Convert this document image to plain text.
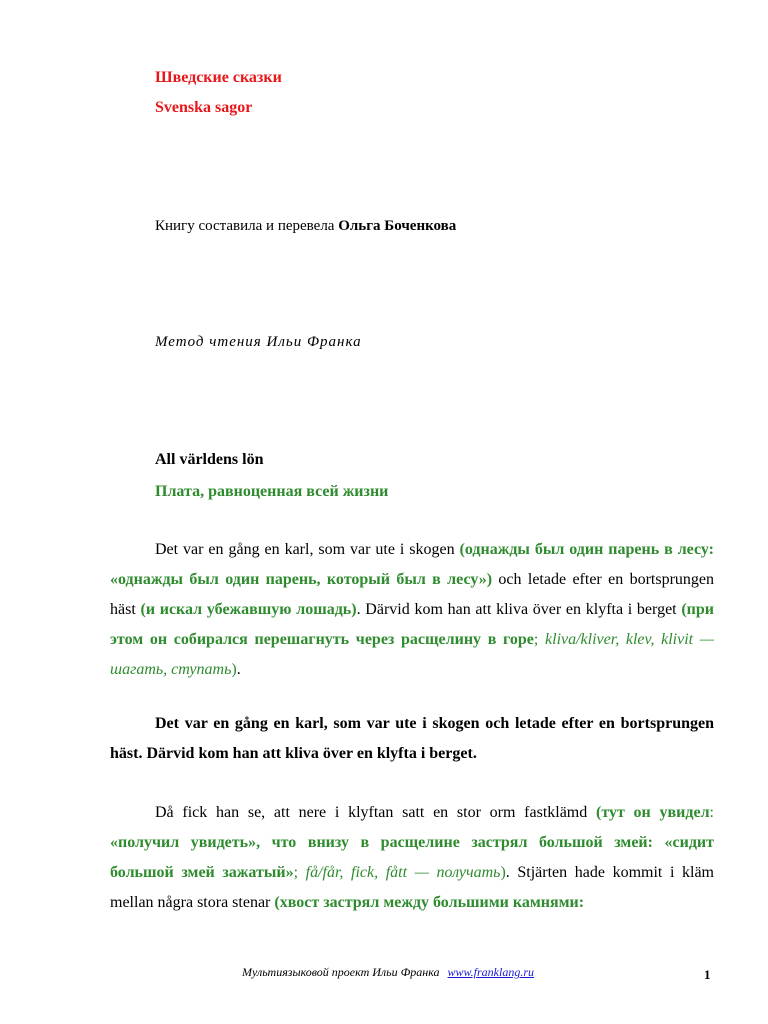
Шведские сказки
Svenska sagor
Книгу составила и перевела Ольга Боченкова
Метод чтения Ильи Франка
All världens lön
Плата, равноценная всей жизни
Det var en gång en karl, som var ute i skogen (однажды был один парень в лесу: «однажды был один парень, который был в лесу») och letade efter en bortsprungen häst (и искал убежавшую лошадь). Därvid kom han att kliva över en klyfta i berget (при этом он собирался перешагнуть через расщелину в горе; kliva/kliver, klev, klivit — шагать, ступать).
Det var en gång en karl, som var ute i skogen och letade efter en bortsprungen häst. Därvid kom han att kliva över en klyfta i berget.
Då fick han se, att nere i klyftan satt en stor orm fastklämd (тут он увидел: «получил увидеть», что внизу в расщелине застрял большой змей: «сидит большой змей зажатый»; få/får, fick, fått — получать). Stjärten hade kommit i kläm mellan några stora stenar (хвост застрял между большими камнями:
Мультиязыковой проект Ильи Франка www.franklang.ru	1
